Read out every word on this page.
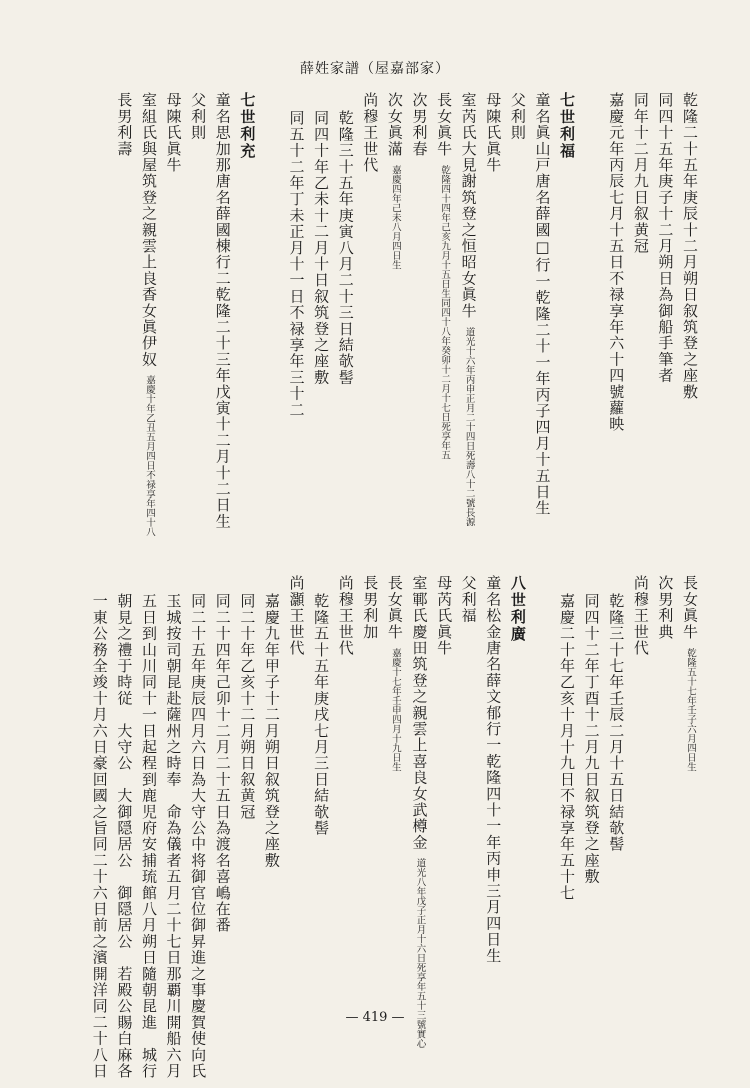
薛姓家譜（屋嘉部家）
乾隆二十五年庚辰十二月朔日叙筑登之座敷
同四十五年庚子十二月朔日為御船手筆者
同年十二月九日叙黄冠
嘉慶元年丙辰七月十五日不禄享年六十四號蘿映
七世利福
童名眞山戸唐名薛國□行一乾隆二十一年丙子四月十五日生
父利則
母陳氏眞牛
室芮氏大見謝筑登之恒昭女眞牛道光十六年丙申正月二十四日死壽八十二號長源
長女眞牛乾隆四十四年己亥九月十五日生同四十八年癸卯十二月十七日死享年五
次男利春
次女眞滿嘉慶四年己未八月四日生
尚穆王世代
乾隆三十五年庚寅八月二十三日結欹髻
同四十年乙未十二月十日叙筑登之座敷
同五十二年丁未正月十一日不禄享年三十二
七世利充
童名思加那唐名薛國棟行二乾隆二十三年戊寅十二月十二日生
父利則
母陳氏眞牛
室組氏與屋筑登之親雲上良香女眞伊奴嘉慶十年乙丑五月四日不禄享年四十八
長男利壽
長女眞牛乾隆五十七年壬子六月四日生
次男利典
尚穆王世代
乾隆三十七年壬辰二月十五日結欹髻
同四十二年丁酉十二月九日叙筑登之座敷
嘉慶二十年乙亥十月十九日不禄享年五十七
八世利廣
童名松金唐名薛文郁行一乾隆四十一年丙申三月四日生
父利福
母芮氏眞牛
室鄆氏慶田筑登之親雲上喜良女武樽金道光八年戊子正月十六日死享年五十三號實心
長女眞牛嘉慶十七年壬申四月十九日生
長男利加
尚穆王世代
乾隆五十五年庚戌七月三日結欹髻
尚灝王世代
嘉慶九年甲子十二月朔日叙筑登之座敷
同二十年乙亥十二月朔日叙黄冠
同二十四年己卯十二月二十五日為渡名喜嶋在番
同二十五年庚辰四月六日為大守公中将御官位御昇進之事慶賀使向氏
玉城按司朝昆赴薩州之時奉　命為儀者五月二十七日那覇川開船六月
五日到山川同十一日起程到鹿児府安捕琉館八月朔日隨朝昆進　城行
朝見之禮于時従　大守公　大御隠居公　御隠居公　若殿公賜白麻各
一東公務全竣十月六日豪回國之旨同二十六日前之濱開洋同二十八日	— 419 —
